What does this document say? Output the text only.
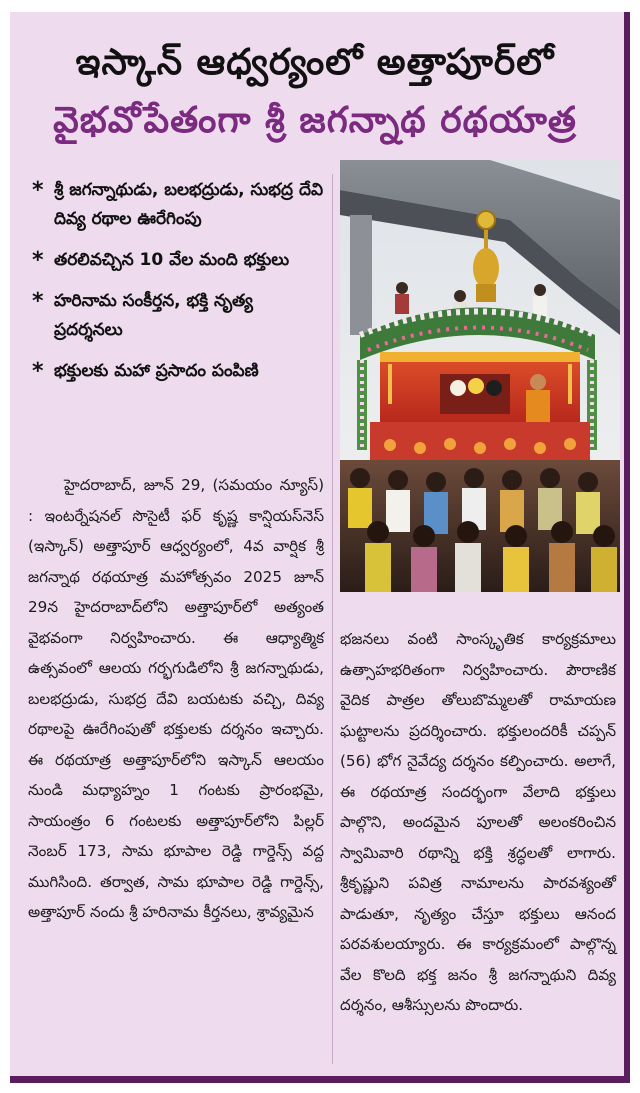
ఇస్కాన్ ఆధ్వర్యంలో అత్తాపూర్‌లో
వైభవోపేతంగా శ్రీ జగన్నాథ రథయాత్ర
* శ్రీ జగన్నాథుడు, బలభద్రుడు, సుభద్ర దేవి దివ్య రథాల ఊరేగింపు
* తరలివచ్చిన 10 వేల మంది భక్తులు
* హరినామ సంకీర్తన, భక్తి నృత్య ప్రదర్శనలు
* భక్తులకు మహా ప్రసాదం పంపిణి

హైదరాబాద్, జూన్ 29, (సమయం న్యూస్) : ఇంటర్నేషనల్ సొసైటీ ఫర్ కృష్ణ కాన్షియస్‌నెస్ (ఇస్కాన్) అత్తాపూర్ ఆధ్వర్యంలో, 4వ వార్షిక శ్రీ జగన్నాథ రథయాత్ర మహోత్సవం 2025 జూన్ 29న హైదరాబాద్‌లోని అత్తాపూర్‌లో అత్యంత వైభవంగా నిర్వహించారు. ఈ ఆధ్యాత్మిక ఉత్సవంలో ఆలయ గర్భగుడిలోని శ్రీ జగన్నాథుడు, బలభద్రుడు, సుభద్ర దేవి బయటకు వచ్చి, దివ్య రథాలపై ఊరేగింపుతో భక్తులకు దర్శనం ఇచ్చారు. ఈ రథయాత్ర అత్తాపూర్‌లోని ఇస్కాన్ ఆలయం నుండి మధ్యాహ్నం 1 గంటకు ప్రారంభమై, సాయంత్రం 6 గంటలకు అత్తాపూర్‌లోని పిల్లర్ నెంబర్ 173, సామ భూపాల రెడ్డి గార్డెన్స్ వద్ద ముగిసింది. తర్వాత, సామ భూపాల రెడ్డి గార్డెన్స్, అత్తాపూర్ నందు శ్రీ హరినామ కీర్తనలు, శ్రావ్యమైన

భజనలు వంటి సాంస్కృతిక కార్యక్రమాలు ఉత్సాహభరితంగా నిర్వహించారు. పౌరాణిక వైదిక పాత్రల తోలుబొమ్మలతో రామాయణ ఘట్టాలను ప్రదర్శించారు. భక్తులందరికీ చప్పన్ (56) భోగ నైవేద్య దర్శనం కల్పించారు. అలాగే, ఈ రథయాత్ర సందర్భంగా వేలాది భక్తులు పాల్గొని, అందమైన పూలతో అలంకరించిన స్వామివారి రథాన్ని భక్తి శ్రద్ధలతో లాగారు. శ్రీకృష్ణుని పవిత్ర నామాలను పారవశ్యంతో పాడుతూ, నృత్యం చేస్తూ భక్తులు ఆనంద పరవశులయ్యారు. ఈ కార్యక్రమంలో పాల్గొన్న వేల కొలది భక్త జనం శ్రీ జగన్నాథుని దివ్య దర్శనం, ఆశీస్సులను పొందారు.
